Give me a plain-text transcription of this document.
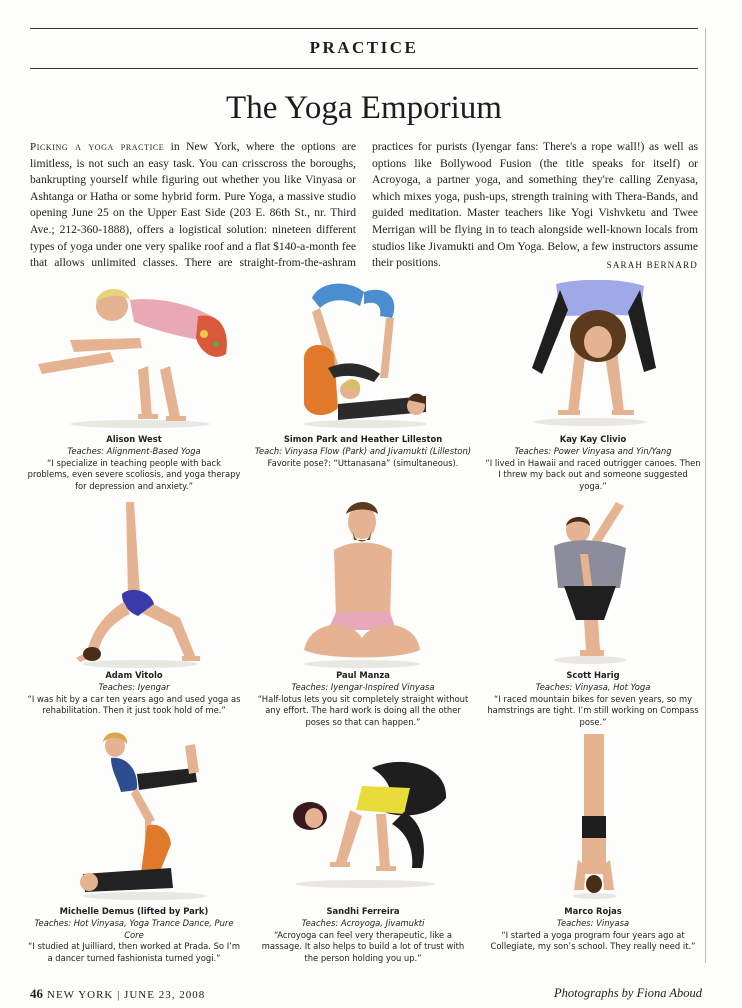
PRACTICE
The Yoga Emporium
Picking a yoga practice in New York, where the options are limitless, is not such an easy task. You can crisscross the boroughs, bankrupting yourself while figuring out whether you like Vinyasa or Ashtanga or Hatha or some hybrid form. Pure Yoga, a massive studio opening June 25 on the Upper East Side (203 E. 86th St., nr. Third Ave.; 212-360-1888), offers a logistical solution: nineteen different types of yoga under one very spalike roof and a flat $140-a-month fee that allows unlimited classes. There are straight-from-the-ashram practices for purists (Iyengar fans: There's a rope wall!) as well as options like Bollywood Fusion (the title speaks for itself) or Acroyoga, a partner yoga, and something they're calling Zenyasa, which mixes yoga, push-ups, strength training with Thera-Bands, and guided meditation. Master teachers like Yogi Vishvketu and Twee Merrigan will be flying in to teach alongside well-known locals from studios like Jivamukti and Om Yoga. Below, a few instructors assume their positions.	SARAH BERNARD
Alison West
Teaches: Alignment-Based Yoga
“I specialize in teaching people with back problems, even severe scoliosis, and yoga therapy for depression and anxiety.”
Simon Park and Heather Lilleston
Teach: Vinyasa Flow (Park) and Jivamukti (Lilleston)
Favorite pose?: “Uttanasana” (simultaneous).
Kay Kay Clivio
Teaches: Power Vinyasa and Yin/Yang
“I lived in Hawaii and raced outrigger canoes. Then I threw my back out and someone suggested yoga.”
Adam Vitolo
Teaches: Iyengar
“I was hit by a car ten years ago and used yoga as rehabilitation. Then it just took hold of me.”
Paul Manza
Teaches: Iyengar-Inspired Vinyasa
“Half-lotus lets you sit completely straight without any effort. The hard work is doing all the other poses so that can happen.”
Scott Harig
Teaches: Vinyasa, Hot Yoga
“I raced mountain bikes for seven years, so my hamstrings are tight. I’m still working on Compass pose.”
Michelle Demus (lifted by Park)
Teaches: Hot Vinyasa, Yoga Trance Dance, Pure Core
“I studied at Juilliard, then worked at Prada. So I’m a dancer turned fashionista turned yogi.”
Sandhi Ferreira
Teaches: Acroyoga, Jivamukti
“Acroyoga can feel very therapeutic, like a massage. It also helps to build a lot of trust with the person holding you up.”
Marco Rojas
Teaches: Vinyasa
“I started a yoga program four years ago at Collegiate, my son’s school. They really need it.”
46 NEW YORK | JUNE 23, 2008	Photographs by Fiona Aboud
